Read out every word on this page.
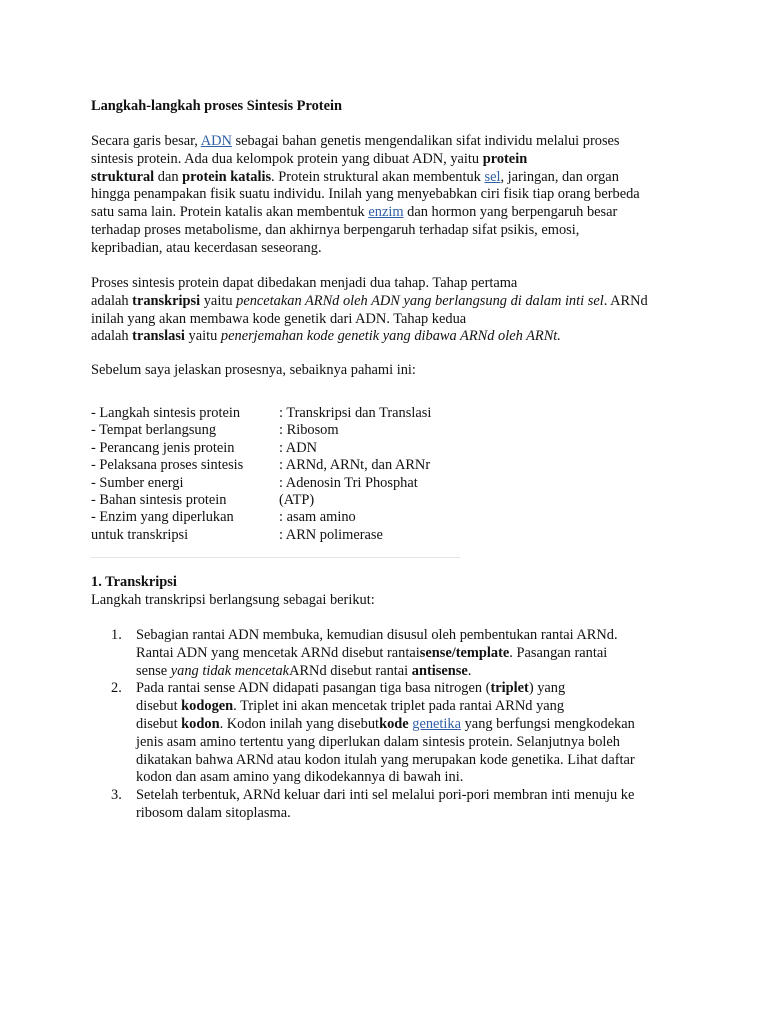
Langkah-langkah proses Sintesis Protein
Secara garis besar, ADN sebagai bahan genetis mengendalikan sifat individu melalui proses
sintesis protein. Ada dua kelompok protein yang dibuat ADN, yaitu protein
struktural dan protein katalis. Protein struktural akan membentuk sel, jaringan, dan organ
hingga penampakan fisik suatu individu. Inilah yang menyebabkan ciri fisik tiap orang berbeda
satu sama lain. Protein katalis akan membentuk enzim dan hormon yang berpengaruh besar
terhadap proses metabolisme, dan akhirnya berpengaruh terhadap sifat psikis, emosi,
kepribadian, atau kecerdasan seseorang.
Proses sintesis protein dapat dibedakan menjadi dua tahap. Tahap pertama
adalah transkripsi yaitu pencetakan ARNd oleh ADN yang berlangsung di dalam inti sel. ARNd
inilah yang akan membawa kode genetik dari ADN. Tahap kedua
adalah translasi yaitu penerjemahan kode genetik yang dibawa ARNd oleh ARNt.
Sebelum saya jelaskan prosesnya, sebaiknya pahami ini:
- Langkah sintesis protein	: Transkripsi dan Translasi
- Tempat berlangsung	: Ribosom
- Perancang jenis protein	: ADN
- Pelaksana proses sintesis : ARNd, ARNt, dan ARNr
- Sumber energi	: Adenosin Tri Phosphat
- Bahan sintesis protein	(ATP)
- Enzim yang diperlukan	: asam amino
untuk transkripsi	: ARN polimerase
1. Transkripsi
Langkah transkripsi berlangsung sebagai berikut:
1. Sebagian rantai ADN membuka, kemudian disusul oleh pembentukan rantai ARNd.
Rantai ADN yang mencetak ARNd disebut rantaisense/template. Pasangan rantai
sense yang tidak mencetakARNd disebut rantai antisense.
2. Pada rantai sense ADN didapati pasangan tiga basa nitrogen (triplet) yang
disebut kodogen. Triplet ini akan mencetak triplet pada rantai ARNd yang
disebut kodon. Kodon inilah yang disebutkode genetika yang berfungsi mengkodekan
jenis asam amino tertentu yang diperlukan dalam sintesis protein. Selanjutnya boleh
dikatakan bahwa ARNd atau kodon itulah yang merupakan kode genetika. Lihat daftar
kodon dan asam amino yang dikodekannya di bawah ini.
3. Setelah terbentuk, ARNd keluar dari inti sel melalui pori-pori membran inti menuju ke
ribosom dalam sitoplasma.
